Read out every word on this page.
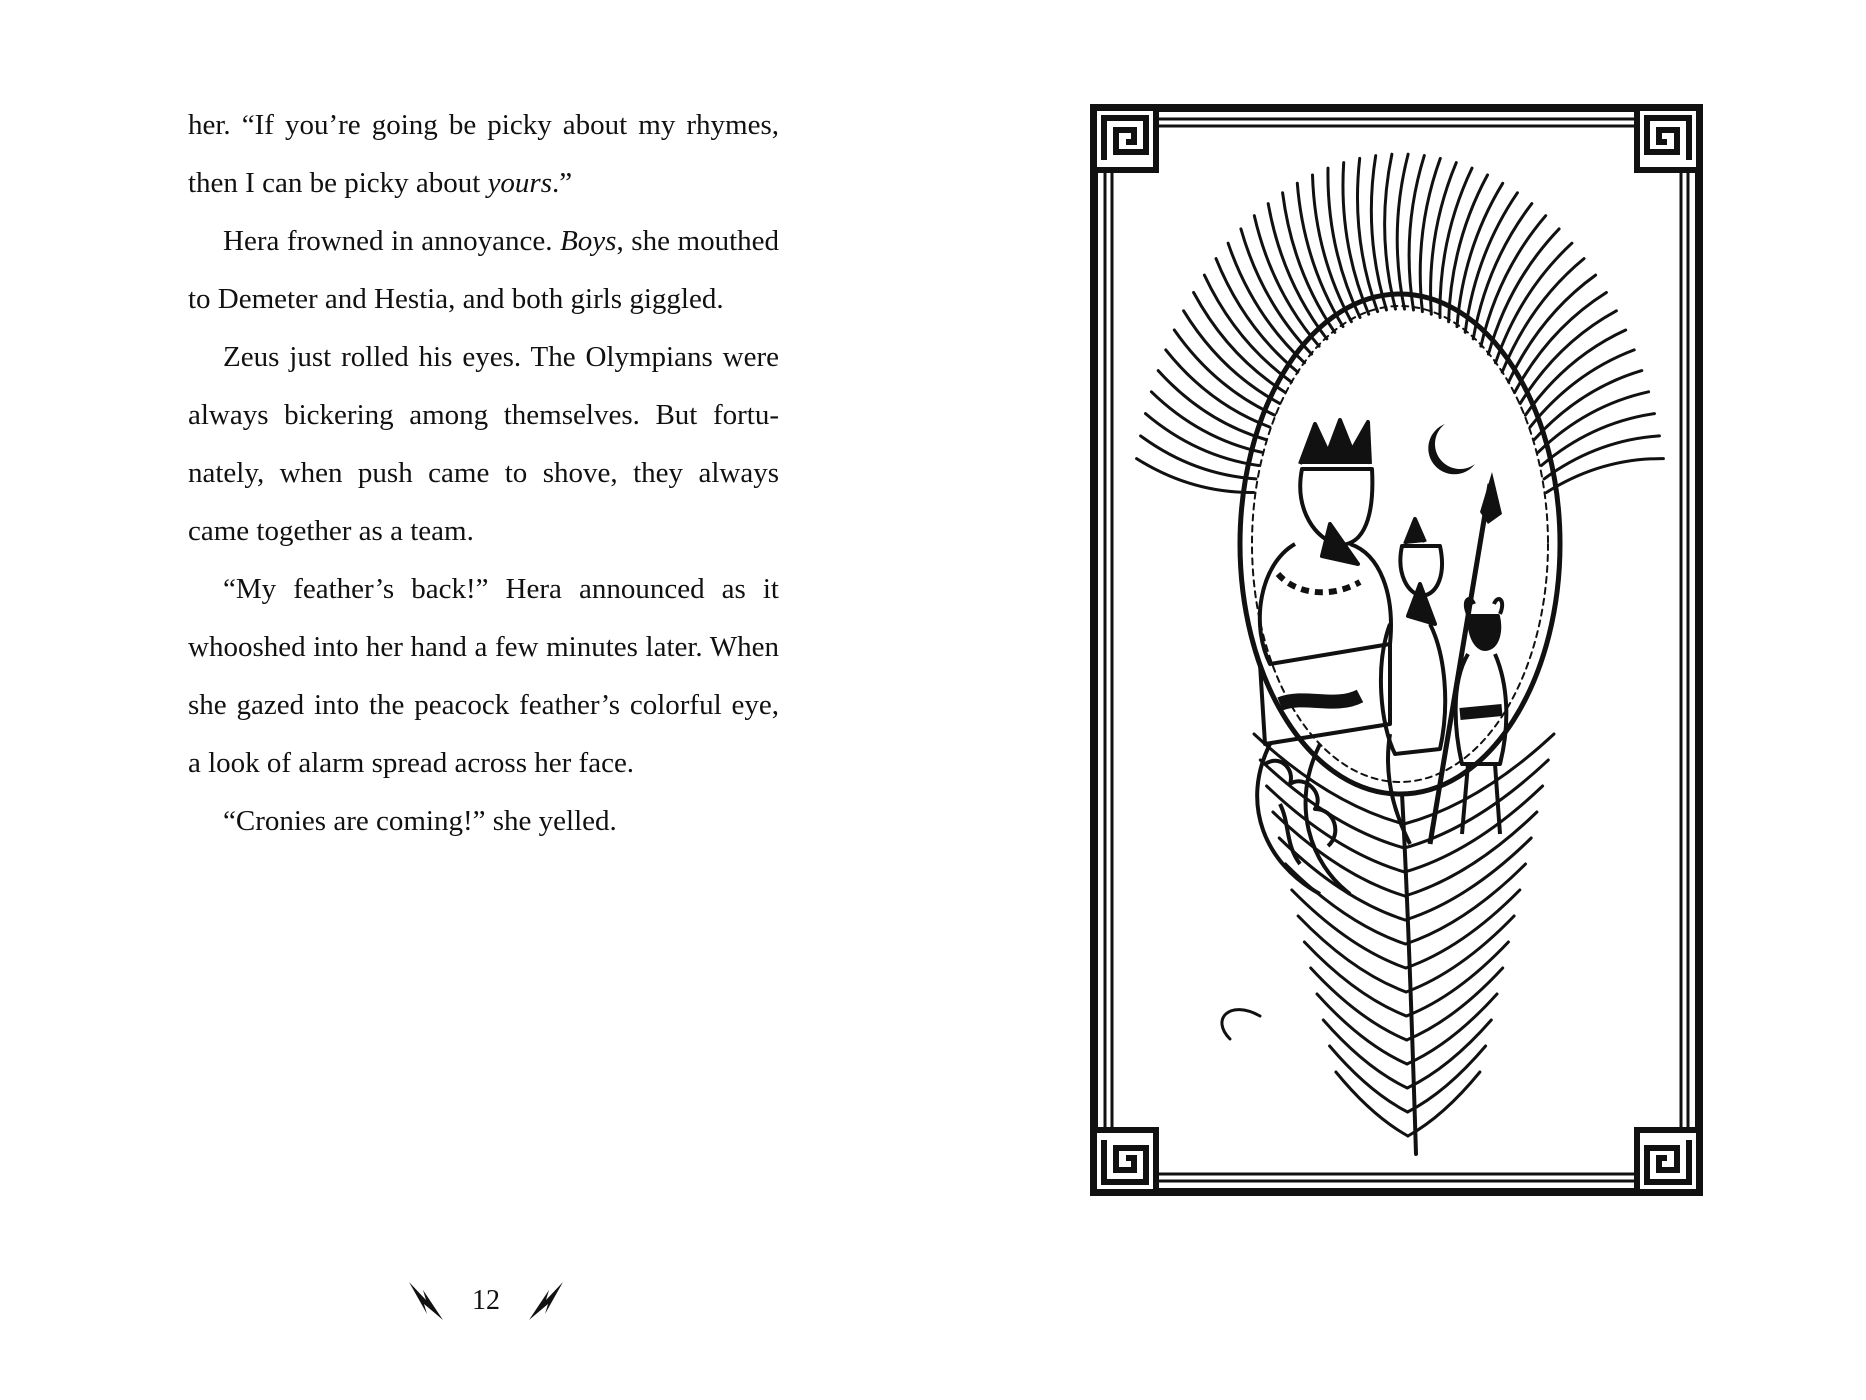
her. “If you’re going be picky about my rhymes, then I can be picky about yours.”

Hera frowned in annoyance. Boys, she mouthed to Demeter and Hestia, and both girls giggled.

Zeus just rolled his eyes. The Olympians were always bickering among themselves. But fortunately, when push came to shove, they always came together as a team.

“My feather’s back!” Hera announced as it whooshed into her hand a few minutes later. When she gazed into the peacock feather’s colorful eye, a look of alarm spread across her face.

“Cronies are coming!” she yelled.

12
